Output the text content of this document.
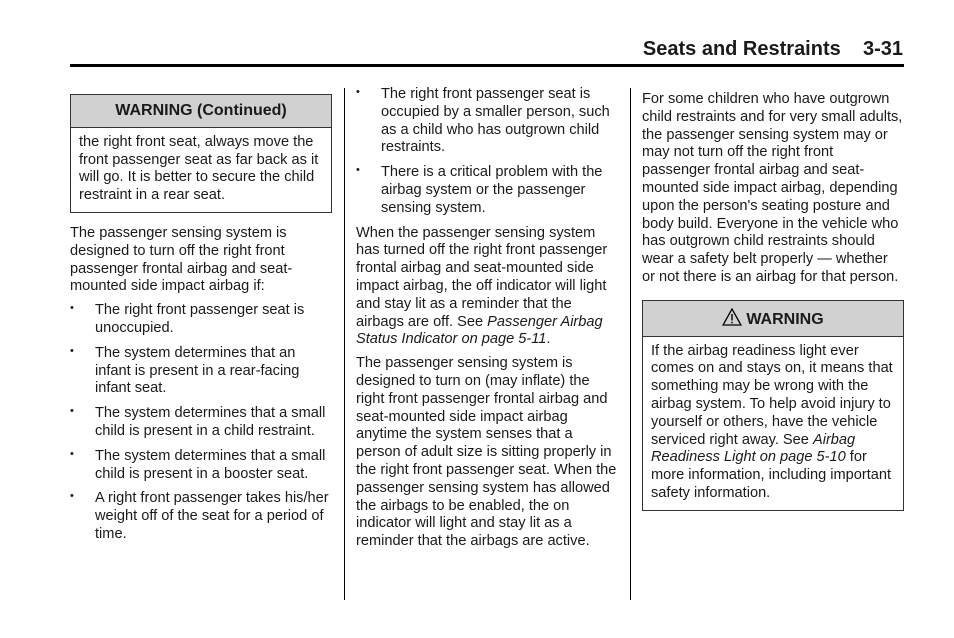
Seats and Restraints    3-31
WARNING (Continued)
the right front seat, always move the front passenger seat as far back as it will go. It is better to secure the child restraint in a rear seat.

The passenger sensing system is designed to turn off the right front passenger frontal airbag and seat-mounted side impact airbag if:

• The right front passenger seat is unoccupied.
• The system determines that an infant is present in a rear-facing infant seat.
• The system determines that a small child is present in a child restraint.
• The system determines that a small child is present in a booster seat.
• A right front passenger takes his/her weight off of the seat for a period of time.
• The right front passenger seat is occupied by a smaller person, such as a child who has outgrown child restraints.
• There is a critical problem with the airbag system or the passenger sensing system.

When the passenger sensing system has turned off the right front passenger frontal airbag and seat-mounted side impact airbag, the off indicator will light and stay lit as a reminder that the airbags are off. See Passenger Airbag Status Indicator on page 5-11.

The passenger sensing system is designed to turn on (may inflate) the right front passenger frontal airbag and seat-mounted side impact airbag anytime the system senses that a person of adult size is sitting properly in the right front passenger seat. When the passenger sensing system has allowed the airbags to be enabled, the on indicator will light and stay lit as a reminder that the airbags are active.

For some children who have outgrown child restraints and for very small adults, the passenger sensing system may or may not turn off the right front passenger frontal airbag and seat-mounted side impact airbag, depending upon the person's seating posture and body build. Everyone in the vehicle who has outgrown child restraints should wear a safety belt properly — whether or not there is an airbag for that person.

WARNING
If the airbag readiness light ever comes on and stays on, it means that something may be wrong with the airbag system. To help avoid injury to yourself or others, have the vehicle serviced right away. See Airbag Readiness Light on page 5-10 for more information, including important safety information.
